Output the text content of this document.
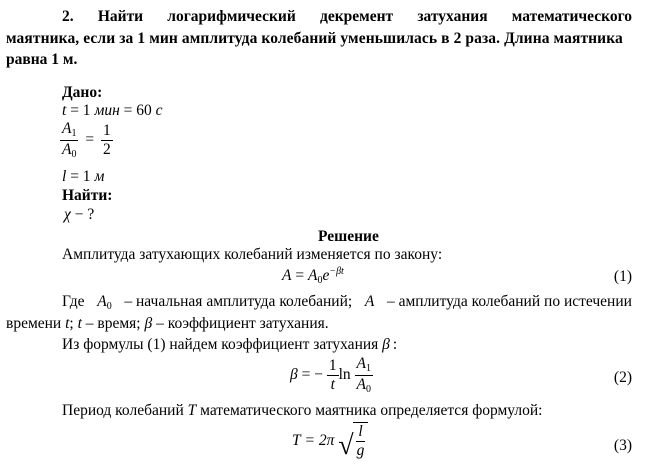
2. Найти логарифмический декремент затухания математического
маятника, если за 1 мин амплитуда колебаний уменьшилась в 2 раза. Длина маятника
равна 1 м.
Дано:
t = 1 мин = 60 с
$\frac{A_1}{A_0} = \frac{1}{2}$
l = 1 м
Найти:
χ − ?
Решение
Амплитуда затухающих колебаний изменяется по закону:
$A = A_0e^{-\beta t}$	(1)
Где $A_0$ – начальная амплитуда колебаний; A – амплитуда колебаний по истечении
времени t; t – время; β – коэффициент затухания.
Из формулы (1) найдем коэффициент затухания β :
β = − $\frac{1}{t}$ $\ln \frac{A_1}{A_0}$	(2)
Период колебаний T математического маятника определяется формулой:
T = 2π √ $\frac{l}{g}$	(3)
